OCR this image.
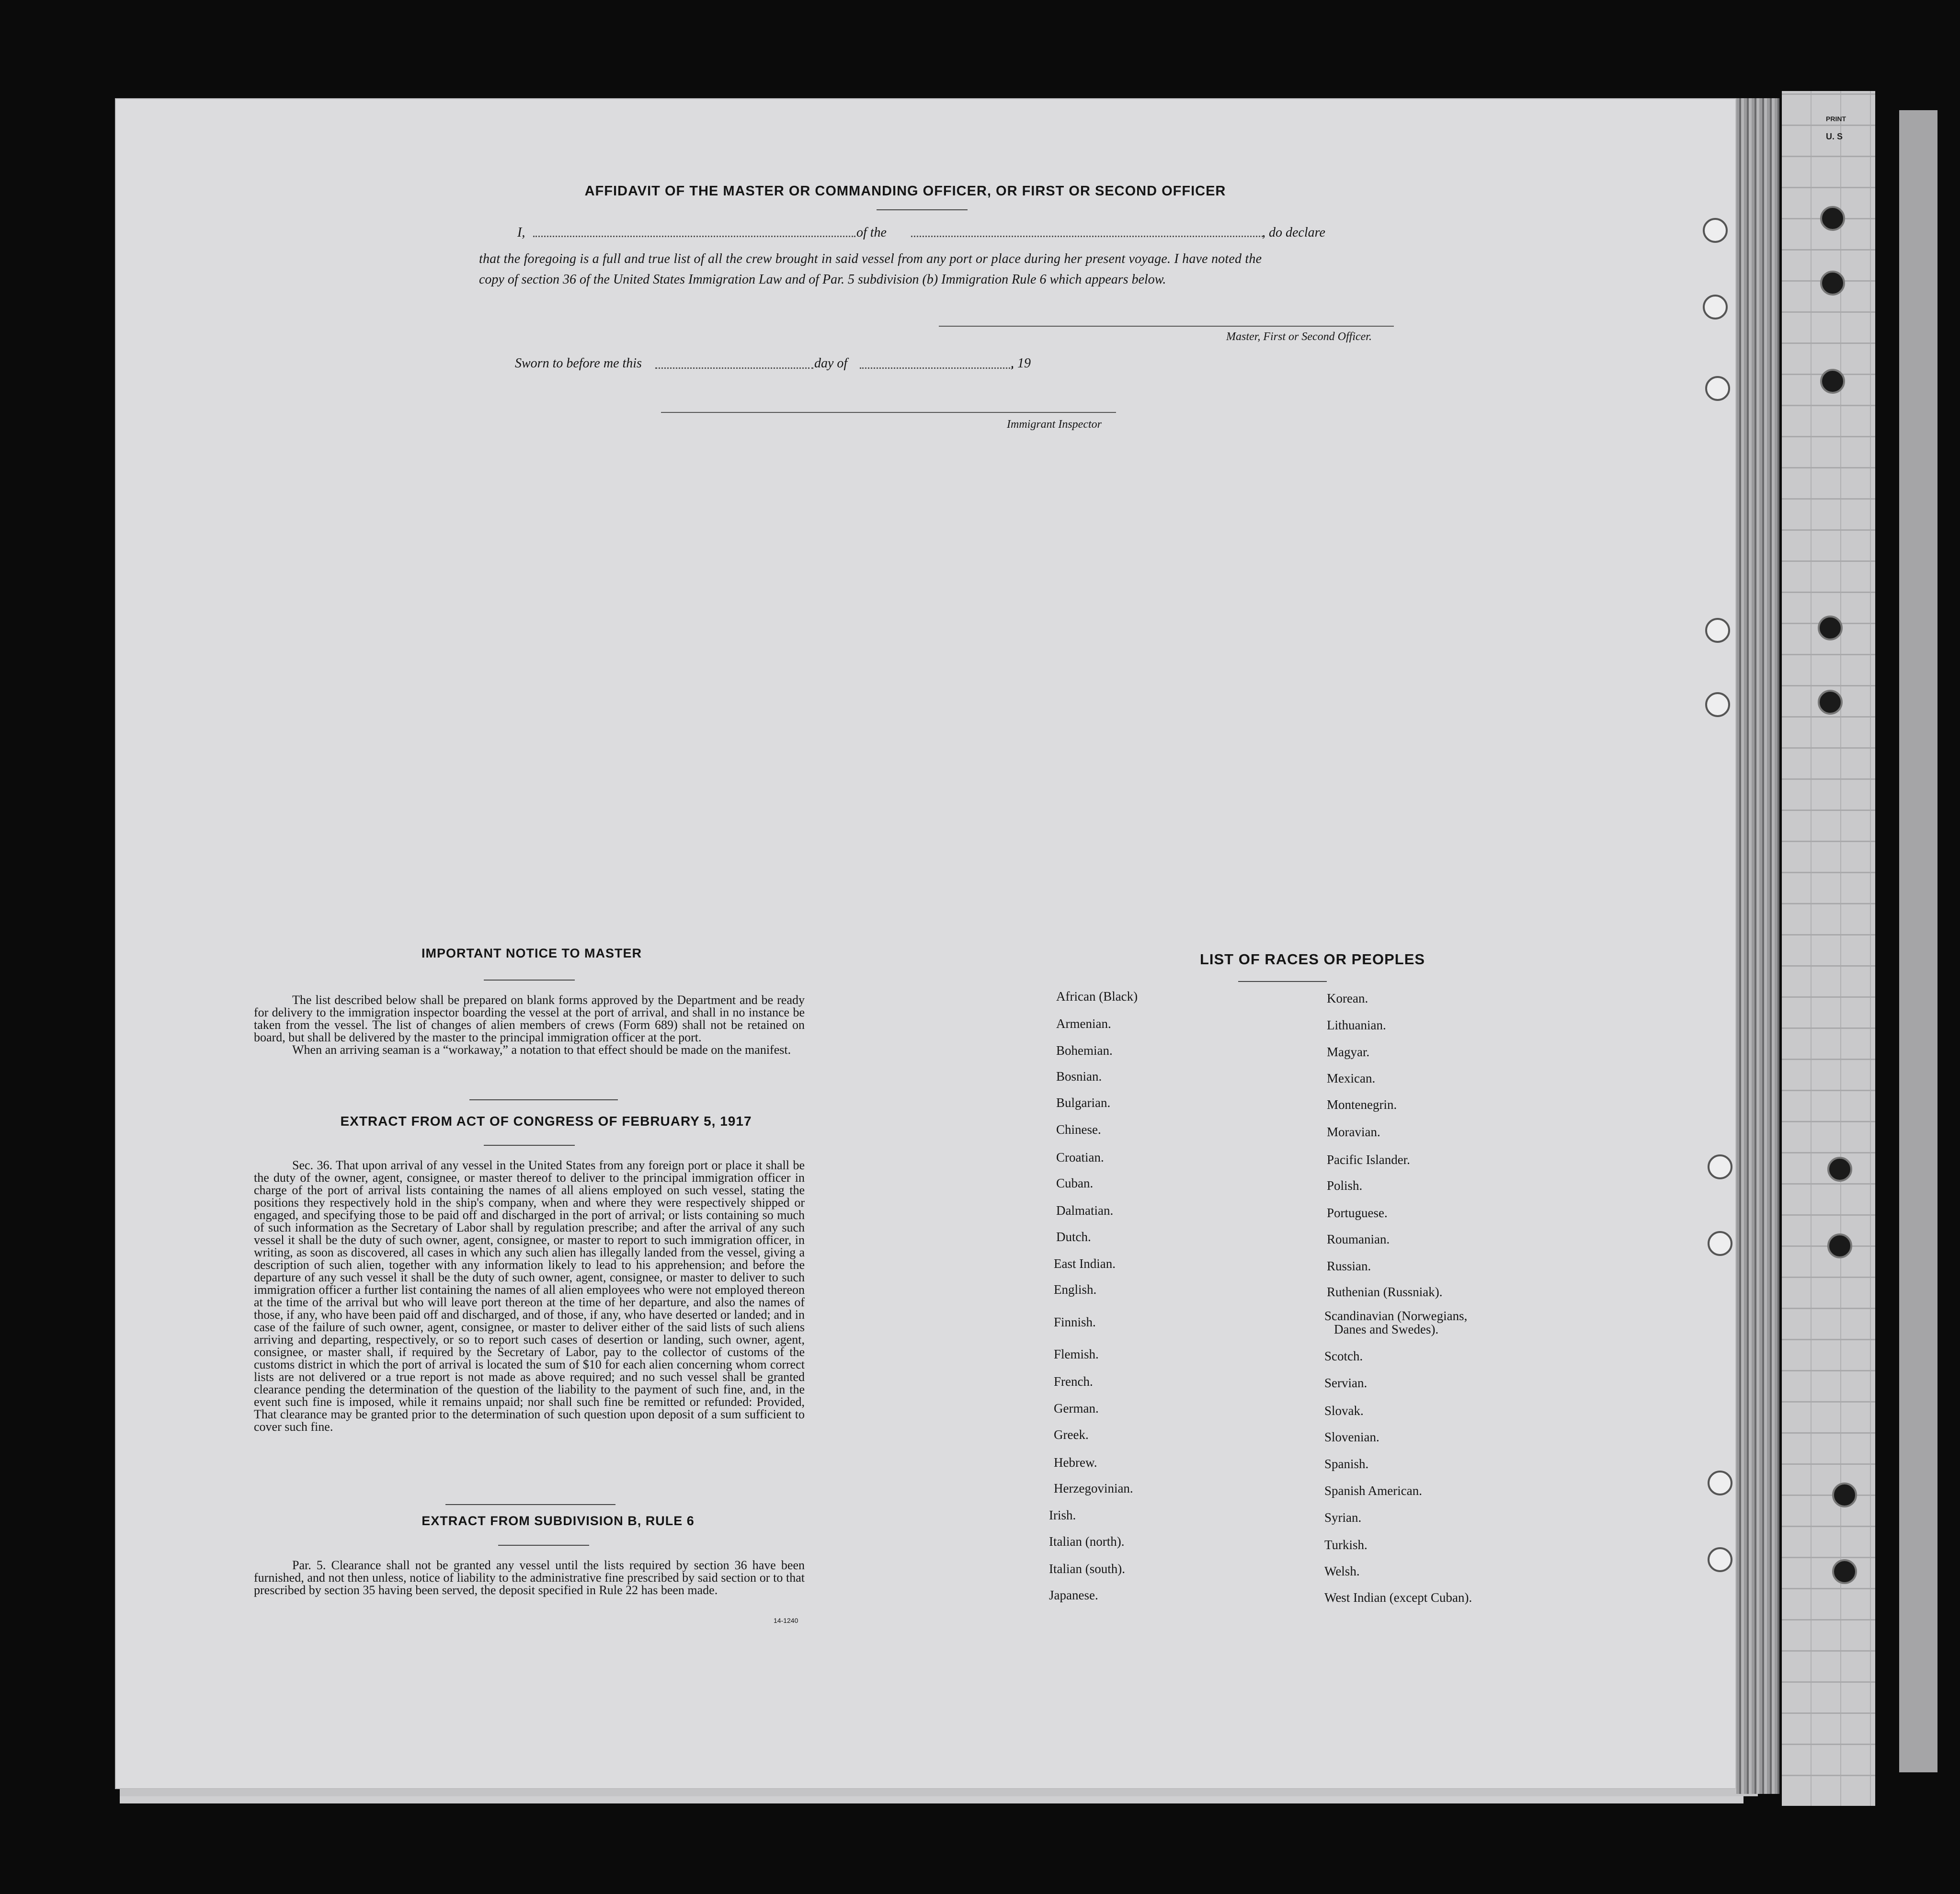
PRINT
U. S
AFFIDAVIT OF THE MASTER OR COMMANDING OFFICER, OR FIRST OR SECOND OFFICER
I,	of the	, do declare
that the foregoing is a full and true list of all the crew brought in said vessel from any port or place during her present voyage. I have noted the
copy of section 36 of the United States Immigration Law and of Par. 5 subdivision (b) Immigration Rule 6 which appears below.
Master, First or Second Officer.
Sworn to before me this	day of	, 19
Immigrant Inspector
IMPORTANT NOTICE TO MASTER

The list described below shall be prepared on blank forms approved by the Department and be ready for delivery to the immigration inspector boarding the vessel at the port of arrival, and shall in no instance be taken from the vessel. The list of changes of alien members of crews (Form 689) shall not be retained on board, but shall be delivered by the master to the principal immigration officer at the port.

When an arriving seaman is a “workaway,” a notation to that effect should be made on the manifest.

EXTRACT FROM ACT OF CONGRESS OF FEBRUARY 5, 1917

Sec. 36. That upon arrival of any vessel in the United States from any foreign port or place it shall be the duty of the owner, agent, consignee, or master thereof to deliver to the principal immigration officer in charge of the port of arrival lists containing the names of all aliens employed on such vessel, stating the positions they respectively hold in the ship's company, when and where they were respectively shipped or engaged, and specifying those to be paid off and discharged in the port of arrival; or lists containing so much of such information as the Secretary of Labor shall by regulation prescribe; and after the arrival of any such vessel it shall be the duty of such owner, agent, consignee, or master to report to such immigration officer, in writing, as soon as discovered, all cases in which any such alien has illegally landed from the vessel, giving a description of such alien, together with any information likely to lead to his apprehension; and before the departure of any such vessel it shall be the duty of such owner, agent, consignee, or master to deliver to such immigration officer a further list containing the names of all alien employees who were not employed thereon at the time of the arrival but who will leave port thereon at the time of her departure, and also the names of those, if any, who have been paid off and discharged, and of those, if any, who have deserted or landed; and in case of the failure of such owner, agent, consignee, or master to deliver either of the said lists of such aliens arriving and departing, respectively, or so to report such cases of desertion or landing, such owner, agent, consignee, or master shall, if required by the Secretary of Labor, pay to the collector of customs of the customs district in which the port of arrival is located the sum of $10 for each alien concerning whom correct lists are not delivered or a true report is not made as above required; and no such vessel shall be granted clearance pending the determination of the question of the liability to the payment of such fine, and, in the event such fine is imposed, while it remains unpaid; nor shall such fine be remitted or refunded: Provided, That clearance may be granted prior to the determination of such question upon deposit of a sum sufficient to cover such fine.

EXTRACT FROM SUBDIVISION B, RULE 6

Par. 5. Clearance shall not be granted any vessel until the lists required by section 36 have been furnished, and not then unless, notice of liability to the administrative fine prescribed by said section or to that prescribed by section 35 having been served, the deposit specified in Rule 22 has been made.

14-1240
LIST OF RACES OR PEOPLES
African (Black)
Armenian.
Bohemian.
Bosnian.
Bulgarian.
Chinese.
Croatian.
Cuban.
Dalmatian.
Dutch.
East Indian.
English.
Finnish.
Flemish.
French.
German.
Greek.
Hebrew.
Herzegovinian.
Irish.
Italian (north).
Italian (south).
Japanese.
Korean.
Lithuanian.
Magyar.
Mexican.
Montenegrin.
Moravian.
Pacific Islander.
Polish.
Portuguese.
Roumanian.
Russian.
Ruthenian (Russniak).
Scandinavian (Norwegians,
Scotch.
Servian.
Slovak.
Slovenian.
Spanish.
Spanish American.
Syrian.
Turkish.
Welsh.
West Indian (except Cuban).
Danes and Swedes).
